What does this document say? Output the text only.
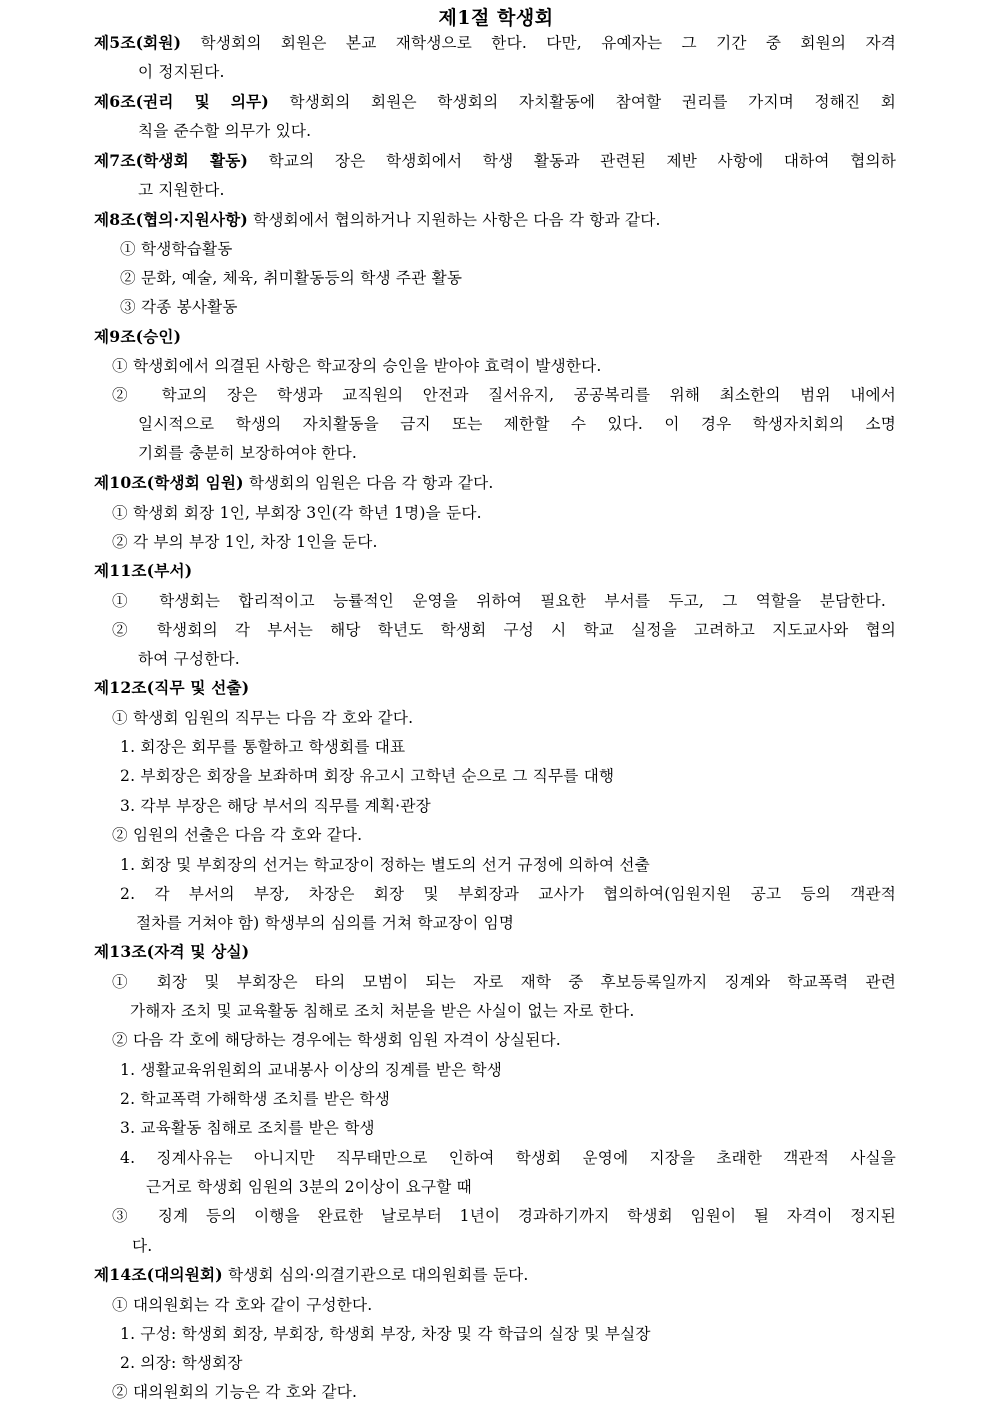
제1절 학생회
제5조(회원) 학생회의 회원은 본교 재학생으로 한다. 다만, 유예자는 그 기간 중 회원의 자격
이 정지된다.
제6조(권리 및 의무) 학생회의 회원은 학생회의 자치활동에 참여할 권리를 가지며 정해진 회
칙을 준수할 의무가 있다.
제7조(학생회 활동) 학교의 장은 학생회에서 학생 활동과 관련된 제반 사항에 대하여 협의하
고 지원한다.
제8조(협의·지원사항) 학생회에서 협의하거나 지원하는 사항은 다음 각 항과 같다.
① 학생학습활동
② 문화, 예술, 체육, 취미활동등의 학생 주관 활동
③ 각종 봉사활동
제9조(승인)
① 학생회에서 의결된 사항은 학교장의 승인을 받아야 효력이 발생한다.
② 학교의 장은 학생과 교직원의 안전과 질서유지, 공공복리를 위해 최소한의 범위 내에서
일시적으로 학생의 자치활동을 금지 또는 제한할 수 있다. 이 경우 학생자치회의 소명
기회를 충분히 보장하여야 한다.
제10조(학생회 임원) 학생회의 임원은 다음 각 항과 같다.
① 학생회 회장 1인, 부회장 3인(각 학년 1명)을 둔다.
② 각 부의 부장 1인, 차장 1인을 둔다.
제11조(부서)
① 학생회는 합리적이고 능률적인 운영을 위하여 필요한 부서를 두고, 그 역할을 분담한다.
② 학생회의 각 부서는 해당 학년도 학생회 구성 시 학교 실정을 고려하고 지도교사와 협의
하여 구성한다.
제12조(직무 및 선출)
① 학생회 임원의 직무는 다음 각 호와 같다.
1. 회장은 회무를 통할하고 학생회를 대표
2. 부회장은 회장을 보좌하며 회장 유고시 고학년 순으로 그 직무를 대행
3. 각부 부장은 해당 부서의 직무를 계획·관장
② 임원의 선출은 다음 각 호와 같다.
1. 회장 및 부회장의 선거는 학교장이 정하는 별도의 선거 규정에 의하여 선출
2. 각 부서의 부장, 차장은 회장 및 부회장과 교사가 협의하여(임원지원 공고 등의 객관적
절차를 거쳐야 함) 학생부의 심의를 거쳐 학교장이 임명
제13조(자격 및 상실)
① 회장 및 부회장은 타의 모범이 되는 자로 재학 중 후보등록일까지 징계와 학교폭력 관련
가해자 조치 및 교육활동 침해로 조치 처분을 받은 사실이 없는 자로 한다.
② 다음 각 호에 해당하는 경우에는 학생회 임원 자격이 상실된다.
1. 생활교육위원회의 교내봉사 이상의 징계를 받은 학생
2. 학교폭력 가해학생 조치를 받은 학생
3. 교육활동 침해로 조치를 받은 학생
4. 징계사유는 아니지만 직무태만으로 인하여 학생회 운영에 지장을 초래한 객관적 사실을
근거로 학생회 임원의 3분의 2이상이 요구할 때
③ 징계 등의 이행을 완료한 날로부터 1년이 경과하기까지 학생회 임원이 될 자격이 정지된
다.
제14조(대의원회) 학생회 심의·의결기관으로 대의원회를 둔다.
① 대의원회는 각 호와 같이 구성한다.
1. 구성: 학생회 회장, 부회장, 학생회 부장, 차장 및 각 학급의 실장 및 부실장
2. 의장: 학생회장
② 대의원회의 기능은 각 호와 같다.
